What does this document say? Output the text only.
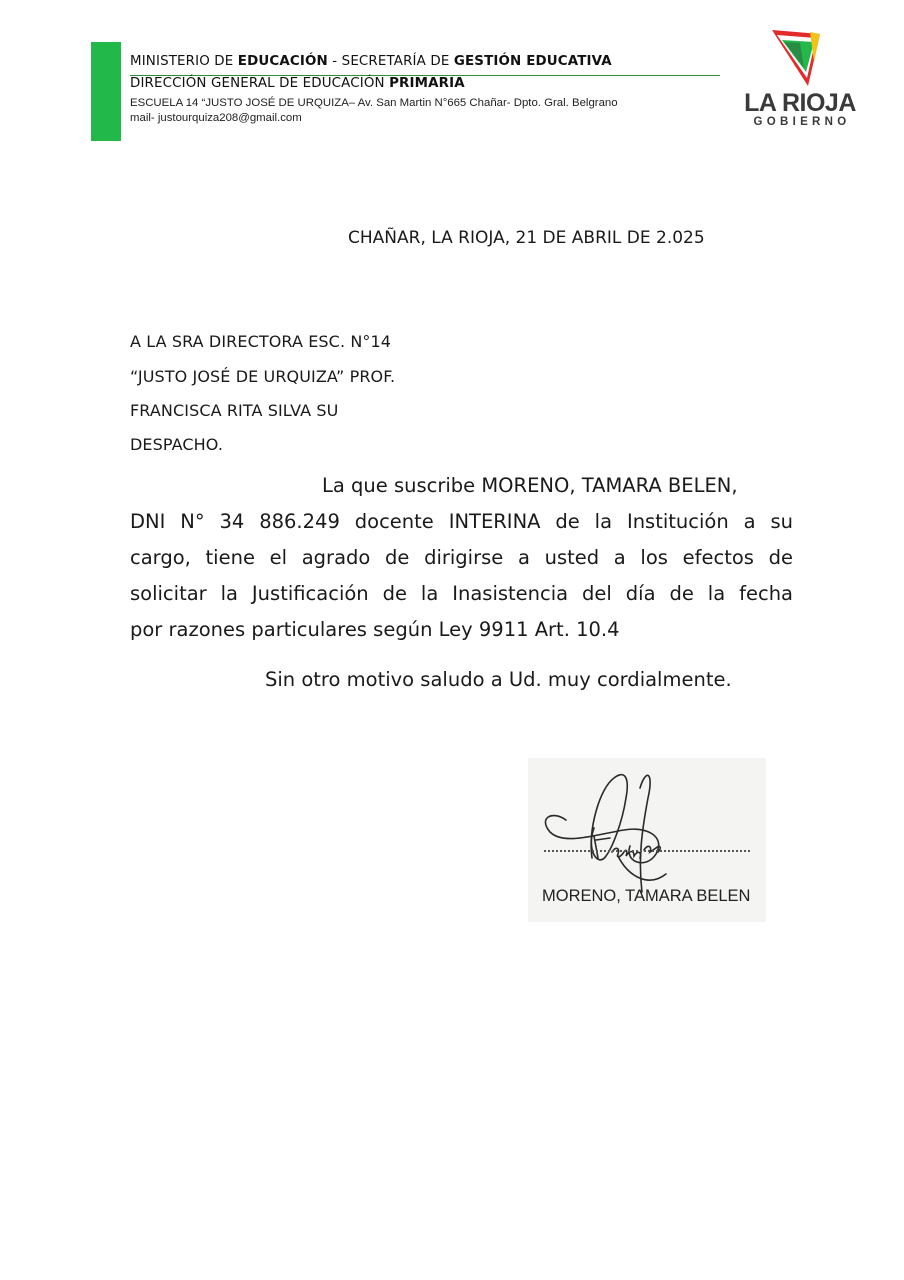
MINISTERIO DE EDUCACIÓN - SECRETARÍA DE GESTIÓN EDUCATIVA
DIRECCIÓN GENERAL DE EDUCACIÓN PRIMARIA
ESCUELA 14 “JUSTO JOSÉ DE URQUIZA– Av. San Martin N°665 Chañar- Dpto. Gral. Belgrano
mail- justourquiza208@gmail.com
LA RIOJA
GOBIERNO
CHAÑAR, LA RIOJA, 21 DE ABRIL DE 2.025
A LA SRA DIRECTORA ESC. N°14
“JUSTO JOSÉ DE URQUIZA” PROF.
FRANCISCA RITA SILVA SU
DESPACHO.
La que suscribe MORENO, TAMARA BELEN,
DNI N° 34 886.249 docente INTERINA de la Institución a su
cargo, tiene el agrado de dirigirse a usted a los efectos de
solicitar la Justificación de la Inasistencia del día de la fecha
por razones particulares según Ley 9911 Art. 10.4
Sin otro motivo saludo a Ud. muy cordialmente.
MORENO, TAMARA BELEN
